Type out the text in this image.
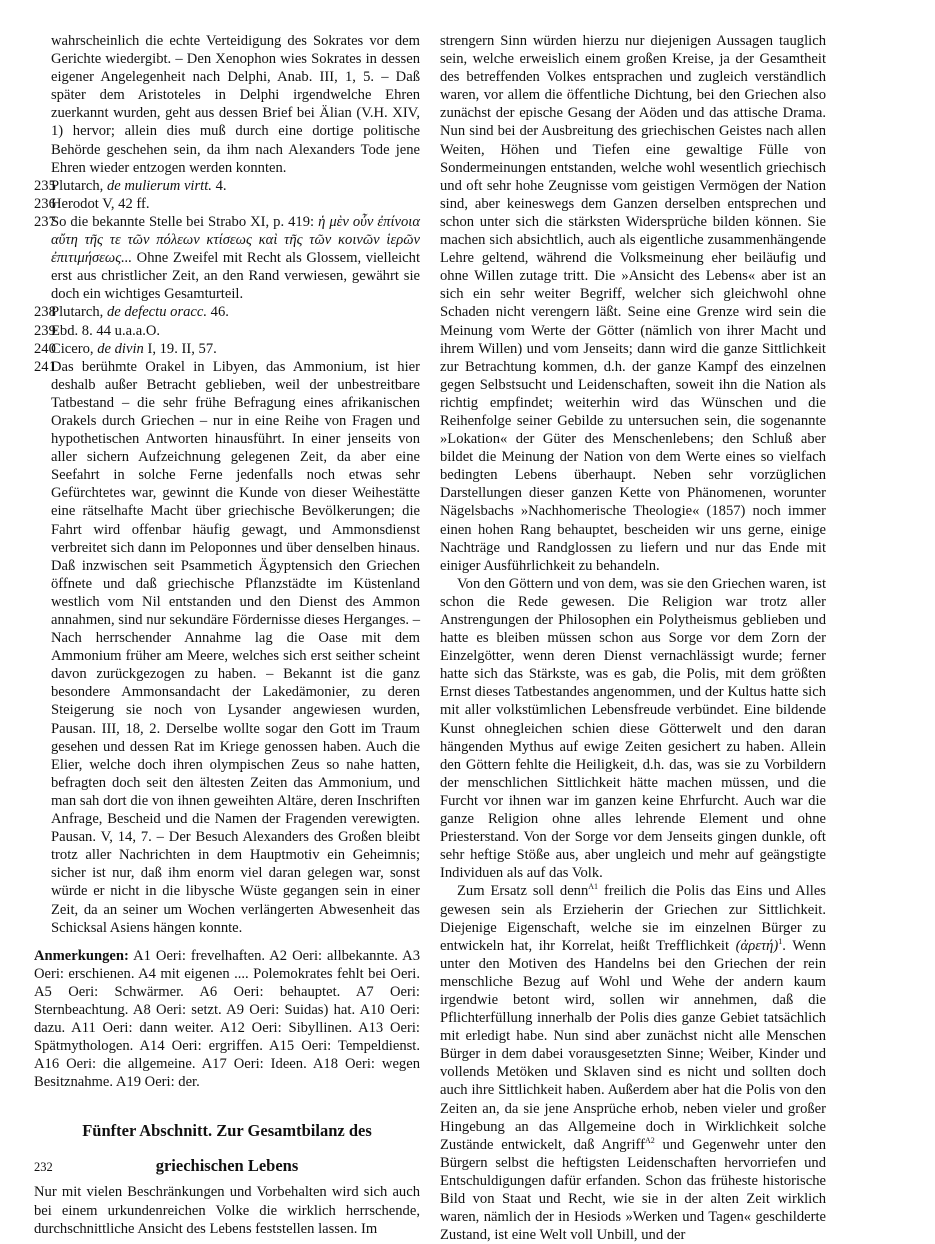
wahrscheinlich die echte Verteidigung des Sokrates vor dem Gerichte wiedergibt. – Den Xenophon wies Sokrates in dessen eigener Angelegenheit nach Delphi, Anab. III, 1, 5. – Daß später dem Aristoteles in Delphi irgendwelche Ehren zuerkannt wurden, geht aus dessen Brief bei Älian (V.H. XIV, 1) hervor; allein dies muß durch eine dortige politische Behörde geschehen sein, da ihm nach Alexanders Tode jene Ehren wieder entzogen werden konnten.

235
Plutarch, de mulierum virtt. 4.
236
Herodot V, 42 ff.
237
So die bekannte Stelle bei Strabo XI, p. 419: ἡ μὲν οὖν ἐπίνοια αὔτη τῆς τε τῶν πόλεων κτίσεως καὶ τῆς τῶν κοινῶν ἱερῶν ἐπιτιμήσεως... Ohne Zweifel mit Recht als Glossem, vielleicht erst aus christlicher Zeit, an den Rand verwiesen, gewährt sie doch ein wichtiges Gesamturteil.
238
Plutarch, de defectu oracc. 46.
239
Ebd. 8. 44 u.a.a.O.
240
Cicero, de divin I, 19. II, 57.
241
Das berühmte Orakel in Libyen, das Ammonium, ist hier deshalb außer Betracht geblieben, weil der unbestreitbare Tatbestand – die sehr frühe Befragung eines afrikanischen Orakels durch Griechen – nur in eine Reihe von Fragen und hypothetischen Antworten hinausführt. In einer jenseits von aller sichern Aufzeichnung gelegenen Zeit, da aber eine Seefahrt in solche Ferne jedenfalls noch etwas sehr Gefürchtetes war, gewinnt die Kunde von dieser Weihestätte eine rätselhafte Macht über griechische Bevölkerungen; die Fahrt wird offenbar häufig gewagt, und Ammonsdienst verbreitet sich dann im Peloponnes und über denselben hinaus. Daß inzwischen seit Psammetich Ägyptensich den Griechen öffnete und daß griechische Pflanzstädte im Küstenland westlich vom Nil entstanden und den Dienst des Ammon annahmen, sind nur sekundäre Fördernisse dieses Herganges. – Nach herrschender Annahme lag die Oase mit dem Ammonium früher am Meere, welches sich erst seither scheint davon zurückgezogen zu haben. – Bekannt ist die ganz besondere Ammonsandacht der Lakedämonier, zu deren Steigerung sie noch von Lysander angewiesen wurden, Pausan. III, 18, 2. Derselbe wollte sogar den Gott im Traum gesehen und dessen Rat im Kriege genossen haben. Auch die Elier, welche doch ihren olympischen Zeus so nahe hatten, befragten doch seit den ältesten Zeiten das Ammonium, und man sah dort die von ihnen geweihten Altäre, deren Inschriften Anfrage, Bescheid und die Namen der Fragenden verewigten. Pausan. V, 14, 7. – Der Besuch Alexanders des Großen bleibt trotz aller Nachrichten in dem Hauptmotiv ein Geheimnis; sicher ist nur, daß ihm enorm viel daran gelegen war, sonst würde er nicht in die libysche Wüste gegangen sein in einer Zeit, da an seiner um Wochen verlängerten Abwesenheit das Schicksal Asiens hängen konnte.

Anmerkungen: A1 Oeri: frevelhaften. A2 Oeri: allbekannte. A3 Oeri: erschienen. A4 mit eigenen .... Polemokrates fehlt bei Oeri. A5 Oeri: Schwärmer. A6 Oeri: behauptet. A7 Oeri: Sternbeachtung. A8 Oeri: setzt. A9 Oeri: Suidas) hat. A10 Oeri: dazu. A11 Oeri: dann weiter. A12 Oeri: Sibyllinen. A13 Oeri: Spätmythologen. A14 Oeri: ergriffen. A15 Oeri: Tempeldienst. A16 Oeri: die allgemeine. A17 Oeri: Ideen. A18 Oeri: wegen Besitznahme. A19 Oeri: der.

Fünfter Abschnitt. Zur Gesamtbilanz des
griechischen Lebens

Nur mit vielen Beschränkungen und Vorbehalten wird sich auch bei einem urkundenreichen Volke die wirklich herrschende, durchschnittliche Ansicht des Lebens feststellen lassen. Im

strengern Sinn würden hierzu nur diejenigen Aussagen tauglich sein, welche erweislich einem großen Kreise, ja der Gesamtheit des betreffenden Volkes entsprachen und zugleich verständlich waren, vor allem die öffentliche Dichtung, bei den Griechen also zunächst der epische Gesang der Aöden und das attische Drama. Nun sind bei der Ausbreitung des griechischen Geistes nach allen Weiten, Höhen und Tiefen eine gewaltige Fülle von Sondermeinungen entstanden, welche wohl wesentlich griechisch und oft sehr hohe Zeugnisse vom geistigen Vermögen der Nation sind, aber keineswegs dem Ganzen derselben entsprechen und schon unter sich die stärksten Widersprüche bilden können. Sie machen sich absichtlich, auch als eigentliche zusammenhängende Lehre geltend, während die Volksmeinung eher beiläufig und ohne Willen zutage tritt. Die »Ansicht des Lebens« aber ist an sich ein sehr weiter Begriff, welcher sich gleichwohl ohne Schaden nicht verengern läßt. Seine eine Grenze wird sein die Meinung vom Werte der Götter (nämlich von ihrer Macht und ihrem Willen) und vom Jenseits; dann wird die ganze Sittlichkeit zur Betrachtung kommen, d.h. der ganze Kampf des einzelnen gegen Selbstsucht und Leidenschaften, soweit ihn die Nation als richtig empfindet; weiterhin wird das Wünschen und die Reihenfolge seiner Gebilde zu untersuchen sein, die sogenannte »Lokation« der Güter des Menschenlebens; den Schluß aber bildet die Meinung der Nation von dem Werte eines so vielfach bedingten Lebens überhaupt. Neben sehr vorzüglichen Darstellungen dieser ganzen Kette von Phänomenen, worunter Nägelsbachs »Nachhomerische Theologie« (1857) noch immer einen hohen Rang behauptet, bescheiden wir uns gerne, einige Nachträge und Randglossen zu liefern und nur das Ende mit einiger Ausführlichkeit zu behandeln.

Von den Göttern und von dem, was sie den Griechen waren, ist schon die Rede gewesen. Die Religion war trotz aller Anstrengungen der Philosophen ein Polytheismus geblieben und hatte es bleiben müssen schon aus Sorge vor dem Zorn der Einzelgötter, wenn deren Dienst vernachlässigt wurde; ferner hatte sich das Stärkste, was es gab, die Polis, mit dem größten Ernst dieses Tatbestandes angenommen, und der Kultus hatte sich mit aller volkstümlichen Lebensfreude verbündet. Eine bildende Kunst ohnegleichen schien diese Götterwelt und den daran hängenden Mythus auf ewige Zeiten gesichert zu haben. Allein den Göttern fehlte die Heiligkeit, d.h. das, was sie zu Vorbildern der menschlichen Sittlichkeit hätte machen müssen, und die Furcht vor ihnen war im ganzen keine Ehrfurcht. Auch war die ganze Religion ohne alles lehrende Element und ohne Priesterstand. Von der Sorge vor dem Jenseits gingen dunkle, oft sehr heftige Stöße aus, aber ungleich und mehr auf geängstigte Individuen als auf das Volk.

Zum Ersatz soll denn$^{A1}$ freilich die Polis das Eins und Alles gewesen sein als Erzieherin der Griechen zur Sittlichkeit. Diejenige Eigenschaft, welche sie im einzelnen Bürger zu entwickeln hat, ihr Korrelat, heißt Trefflichkeit (ἀρετή)$^1$. Wenn unter den Motiven des Handelns bei den Griechen der rein menschliche Bezug auf Wohl und Wehe der andern kaum irgendwie betont wird, sollen wir annehmen, daß die Pflichterfüllung innerhalb der Polis dies ganze Gebiet tatsächlich mit erledigt habe. Nun sind aber zunächst nicht alle Menschen Bürger in dem dabei vorausgesetzten Sinne; Weiber, Kinder und vollends Metöken und Sklaven sind es nicht und sollten doch auch ihre Sittlichkeit haben. Außerdem aber hat die Polis von den Zeiten an, da sie jene Ansprüche erhob, neben vieler und großer Hingebung an das Allgemeine doch in Wirklichkeit solche Zustände entwickelt, daß Angriff$^{A2}$ und Gegenwehr unter den Bürgern selbst die heftigsten Leidenschaften hervorriefen und Entschuldigungen dafür erfanden. Schon das früheste historische Bild von Staat und Recht, wie sie in der alten Zeit wirklich waren, nämlich der in Hesiods »Werken und Tagen« geschilderte Zustand, ist eine Welt voll Unbill, und der

232
